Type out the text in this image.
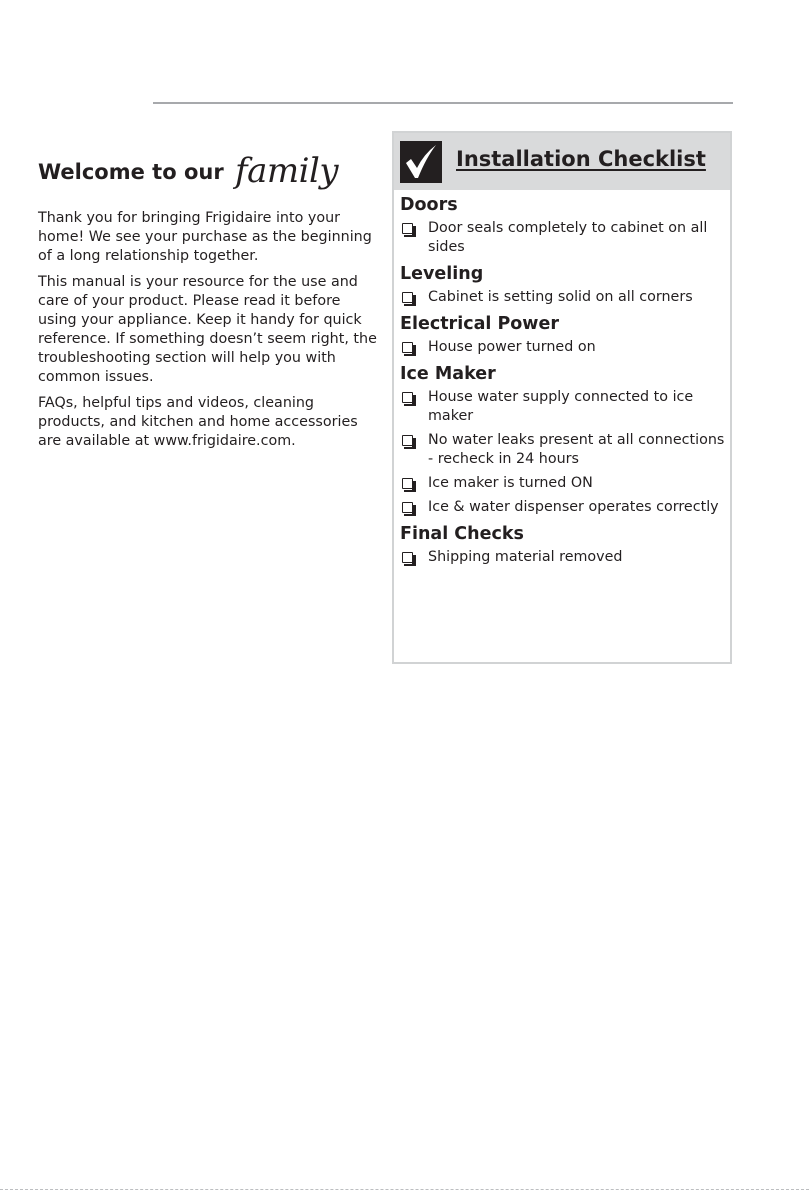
Welcome to our family

Thank you for bringing Frigidaire into your home! We see your purchase as the beginning of a long relationship together.

This manual is your resource for the use and care of your product. Please read it before using your appliance. Keep it handy for quick reference. If something doesn’t seem right, the troubleshooting section will help you with common issues.

FAQs, helpful tips and videos, cleaning products, and kitchen and home accessories are available at www.frigidaire.com.

Installation Checklist
Doors
Door seals completely to cabinet on all sides
Leveling
Cabinet is setting solid on all corners
Electrical Power
House power turned on
Ice Maker
House water supply connected to ice maker
No water leaks present at all connections - recheck in 24 hours
Ice maker is turned ON
Ice & water dispenser operates correctly
Final Checks
Shipping material removed
